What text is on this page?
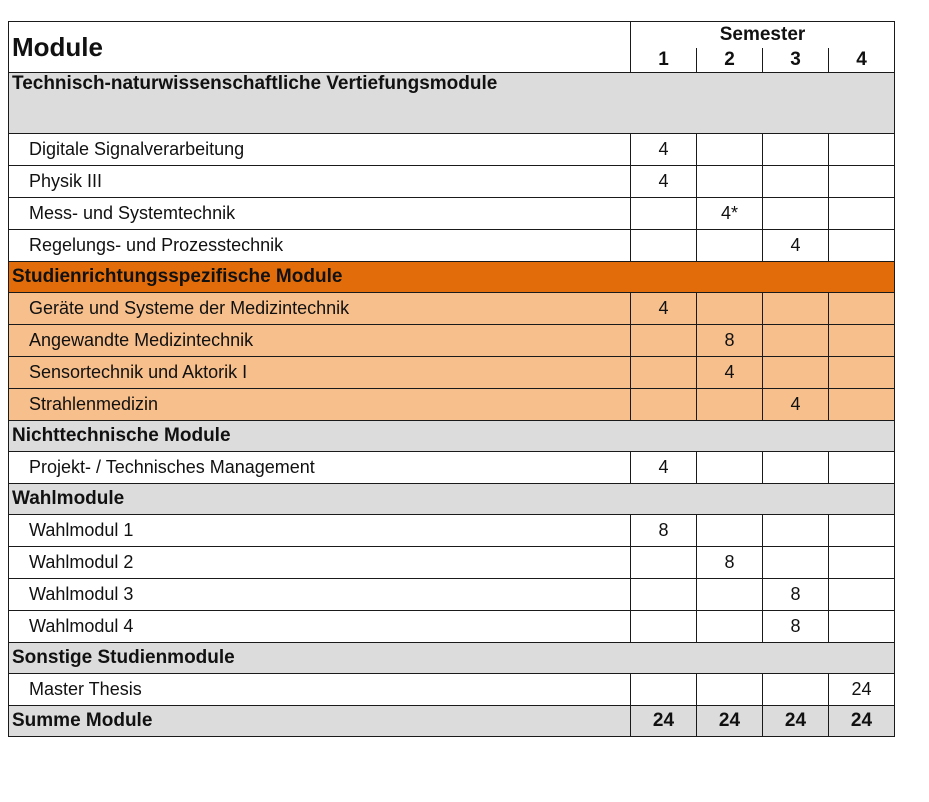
Module	Semester			
	1	2	3	4
Technisch-naturwissenschaftliche Vertiefungsmodule				
Digitale Signalverarbeitung	4			
Physik III	4			
Mess- und Systemtechnik		4*		
Regelungs- und Prozesstechnik			4	
Studienrichtungsspezifische Module				
Geräte und Systeme der Medizintechnik	4			
Angewandte Medizintechnik		8		
Sensortechnik und Aktorik I		4		
Strahlenmedizin			4	
Nichttechnische Module				
Projekt- / Technisches Management	4			
Wahlmodule				
Wahlmodul 1	8			
Wahlmodul 2		8		
Wahlmodul 3			8	
Wahlmodul 4			8	
Sonstige Studienmodule				
Master Thesis				24
Summe Module	24	24	24	24
